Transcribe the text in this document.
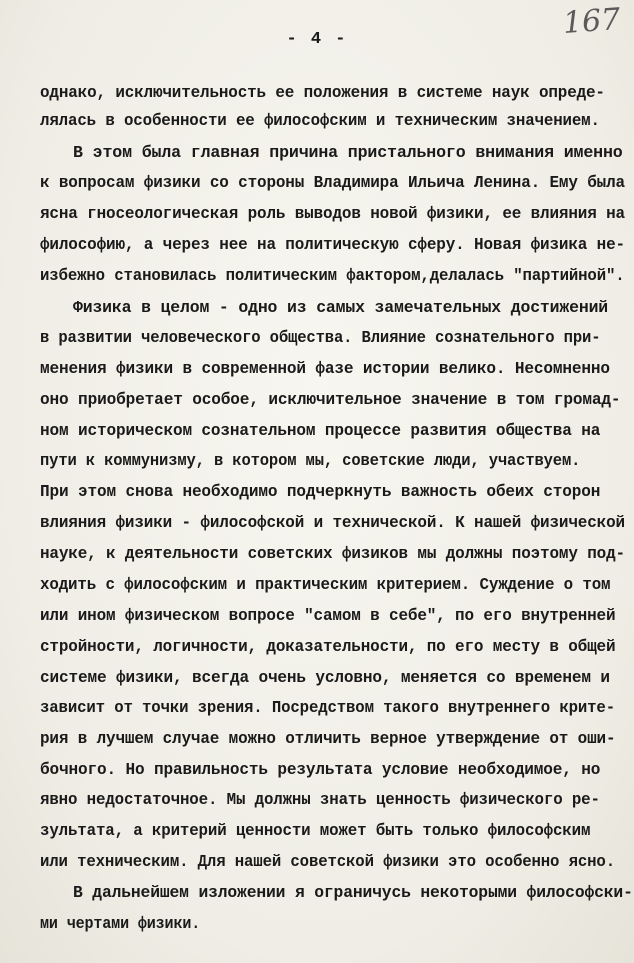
- 4 -	167
однако, исключительность ее положения в системе наук опреде-
лялась в особенности ее философским и техническим значением.
В этом была главная причина пристального внимания именно
к вопросам физики со стороны Владимира Ильича Ленина. Ему была
ясна гносеологическая роль выводов новой физики, ее влияния на
философию, а через нее на политическую сферу. Новая физика не-
избежно становилась политическим фактором,делалась "партийной".
Физика в целом - одно из самых замечательных достижений
в развитии человеческого общества. Влияние сознательного при-
менения физики в современной фазе истории велико. Несомненно
оно приобретает особое, исключительное значение в том громад-
ном историческом сознательном процессе развития общества на
пути к коммунизму, в котором мы, советские люди, участвуем.
При этом снова необходимо подчеркнуть важность обеих сторон
влияния физики - философской и технической. К нашей физической
науке, к деятельности советских физиков мы должны поэтому под-
ходить с философским и практическим критерием. Суждение о том
или ином физическом вопросе "самом в себе", по его внутренней
стройности, логичности, доказательности, по его месту в общей
системе физики, всегда очень условно, меняется со временем и
зависит от точки зрения. Посредством такого внутреннего крите-
рия в лучшем случае можно отличить верное утверждение от оши-
бочного. Но правильность результата условие необходимое, но
явно недостаточное. Мы должны знать ценность физического ре-
зультата, а критерий ценности может быть только философским
или техническим. Для нашей советской физики это особенно ясно.
В дальнейшем изложении я ограничусь некоторыми философски-
ми чертами физики.
